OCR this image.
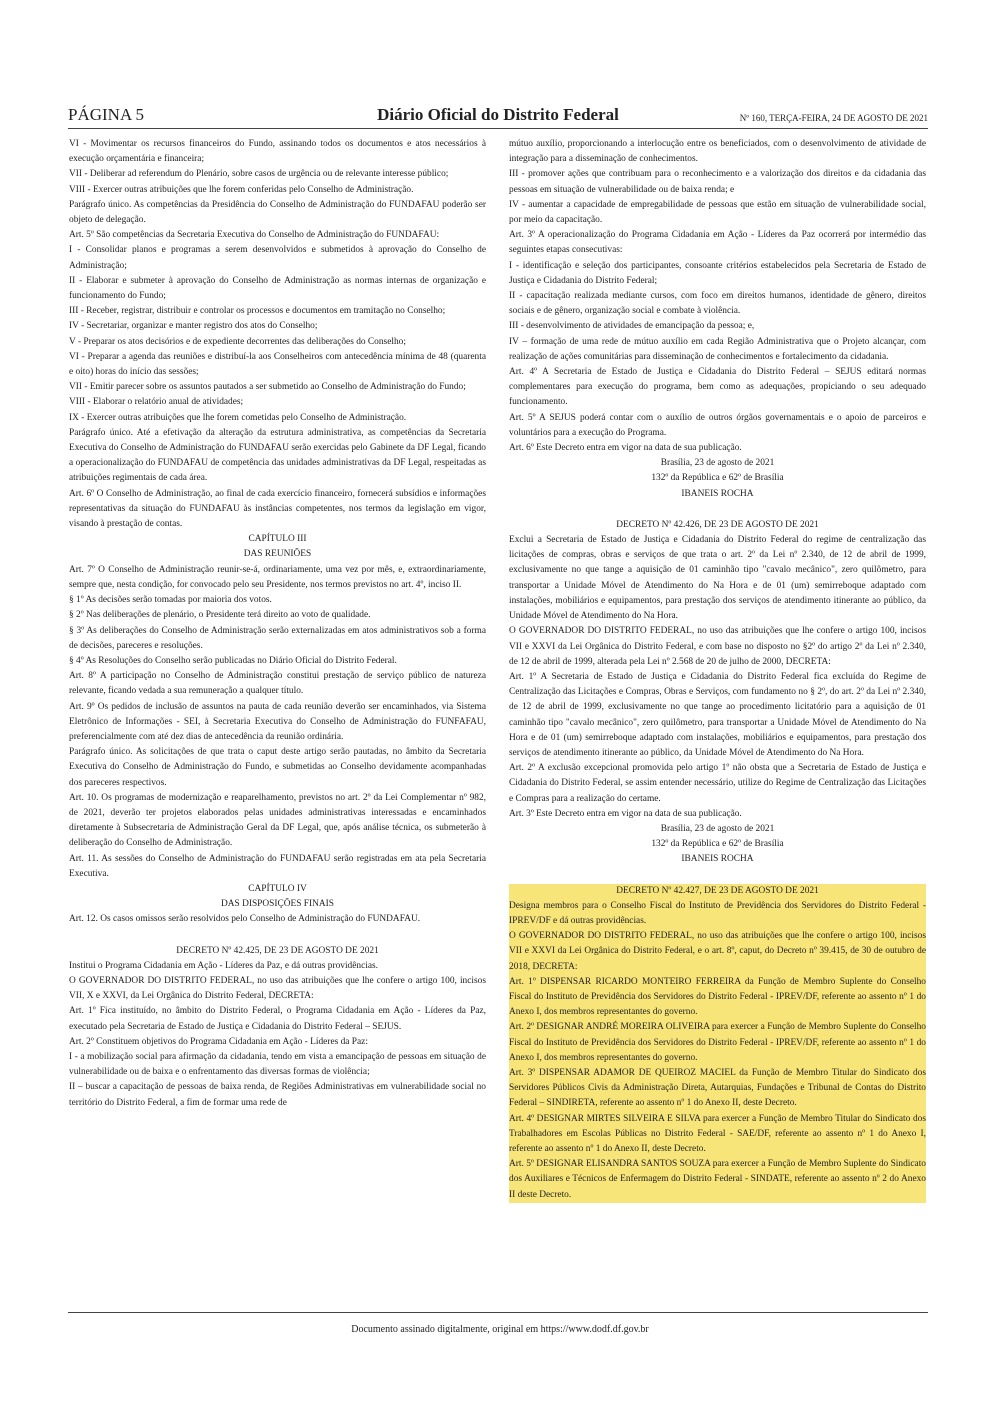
PÁGINA 5	Diário Oficial do Distrito Federal	Nº 160, TERÇA-FEIRA, 24 DE AGOSTO DE 2021

VI - Movimentar os recursos financeiros do Fundo, assinando todos os documentos e atos necessários à execução orçamentária e financeira;

VII - Deliberar ad referendum do Plenário, sobre casos de urgência ou de relevante interesse público;

VIII - Exercer outras atribuições que lhe forem conferidas pelo Conselho de Administração.

Parágrafo único. As competências da Presidência do Conselho de Administração do FUNDAFAU poderão ser objeto de delegação.

Art. 5º São competências da Secretaria Executiva do Conselho de Administração do FUNDAFAU:

I - Consolidar planos e programas a serem desenvolvidos e submetidos à aprovação do Conselho de Administração;

II - Elaborar e submeter à aprovação do Conselho de Administração as normas internas de organização e funcionamento do Fundo;

III - Receber, registrar, distribuir e controlar os processos e documentos em tramitação no Conselho;

IV - Secretariar, organizar e manter registro dos atos do Conselho;

V - Preparar os atos decisórios e de expediente decorrentes das deliberações do Conselho;

VI - Preparar a agenda das reuniões e distribuí-la aos Conselheiros com antecedência mínima de 48 (quarenta e oito) horas do início das sessões;

VII - Emitir parecer sobre os assuntos pautados a ser submetido ao Conselho de Administração do Fundo;

VIII - Elaborar o relatório anual de atividades;

IX - Exercer outras atribuições que lhe forem cometidas pelo Conselho de Administração.

Parágrafo único. Até a efetivação da alteração da estrutura administrativa, as competências da Secretaria Executiva do Conselho de Administração do FUNDAFAU serão exercidas pelo Gabinete da DF Legal, ficando a operacionalização do FUNDAFAU de competência das unidades administrativas da DF Legal, respeitadas as atribuições regimentais de cada área.

Art. 6º O Conselho de Administração, ao final de cada exercício financeiro, fornecerá subsídios e informações representativas da situação do FUNDAFAU às instâncias competentes, nos termos da legislação em vigor, visando à prestação de contas.

CAPÍTULO III

DAS REUNIÕES

Art. 7º O Conselho de Administração reunir-se-á, ordinariamente, uma vez por mês, e, extraordinariamente, sempre que, nesta condição, for convocado pelo seu Presidente, nos termos previstos no art. 4º, inciso II.

§ 1º As decisões serão tomadas por maioria dos votos.

§ 2º Nas deliberações de plenário, o Presidente terá direito ao voto de qualidade.

§ 3º As deliberações do Conselho de Administração serão externalizadas em atos administrativos sob a forma de decisões, pareceres e resoluções.

§ 4º As Resoluções do Conselho serão publicadas no Diário Oficial do Distrito Federal.

Art. 8º A participação no Conselho de Administração constitui prestação de serviço público de natureza relevante, ficando vedada a sua remuneração a qualquer título.

Art. 9º Os pedidos de inclusão de assuntos na pauta de cada reunião deverão ser encaminhados, via Sistema Eletrônico de Informações - SEI, à Secretaria Executiva do Conselho de Administração do FUNFAFAU, preferencialmente com até dez dias de antecedência da reunião ordinária.

Parágrafo único. As solicitações de que trata o caput deste artigo serão pautadas, no âmbito da Secretaria Executiva do Conselho de Administração do Fundo, e submetidas ao Conselho devidamente acompanhadas dos pareceres respectivos.

Art. 10. Os programas de modernização e reaparelhamento, previstos no art. 2º da Lei Complementar nº 982, de 2021, deverão ter projetos elaborados pelas unidades administrativas interessadas e encaminhados diretamente à Subsecretaria de Administração Geral da DF Legal, que, após análise técnica, os submeterão à deliberação do Conselho de Administração.

Art. 11. As sessões do Conselho de Administração do FUNDAFAU serão registradas em ata pela Secretaria Executiva.

CAPÍTULO IV

DAS DISPOSIÇÕES FINAIS

Art. 12. Os casos omissos serão resolvidos pelo Conselho de Administração do FUNDAFAU.

DECRETO Nº 42.425, DE 23 DE AGOSTO DE 2021

Institui o Programa Cidadania em Ação - Líderes da Paz, e dá outras providências.

O GOVERNADOR DO DISTRITO FEDERAL, no uso das atribuições que lhe confere o artigo 100, incisos VII, X e XXVI, da Lei Orgânica do Distrito Federal, DECRETA:

Art. 1º Fica instituído, no âmbito do Distrito Federal, o Programa Cidadania em Ação - Líderes da Paz, executado pela Secretaria de Estado de Justiça e Cidadania do Distrito Federal – SEJUS.

Art. 2º Constituem objetivos do Programa Cidadania em Ação - Líderes da Paz:

I - a mobilização social para afirmação da cidadania, tendo em vista a emancipação de pessoas em situação de vulnerabilidade ou de baixa e o enfrentamento das diversas formas de violência;

II – buscar a capacitação de pessoas de baixa renda, de Regiões Administrativas em vulnerabilidade social no território do Distrito Federal, a fim de formar uma rede de

mútuo auxílio, proporcionando a interlocução entre os beneficiados, com o desenvolvimento de atividade de integração para a disseminação de conhecimentos.

III - promover ações que contribuam para o reconhecimento e a valorização dos direitos e da cidadania das pessoas em situação de vulnerabilidade ou de baixa renda; e

IV - aumentar a capacidade de empregabilidade de pessoas que estão em situação de vulnerabilidade social, por meio da capacitação.

Art. 3º A operacionalização do Programa Cidadania em Ação - Líderes da Paz ocorrerá por intermédio das seguintes etapas consecutivas:

I - identificação e seleção dos participantes, consoante critérios estabelecidos pela Secretaria de Estado de Justiça e Cidadania do Distrito Federal;

II - capacitação realizada mediante cursos, com foco em direitos humanos, identidade de gênero, direitos sociais e de gênero, organização social e combate à violência.

III - desenvolvimento de atividades de emancipação da pessoa; e,

IV – formação de uma rede de mútuo auxílio em cada Região Administrativa que o Projeto alcançar, com realização de ações comunitárias para disseminação de conhecimentos e fortalecimento da cidadania.

Art. 4º A Secretaria de Estado de Justiça e Cidadania do Distrito Federal – SEJUS editará normas complementares para execução do programa, bem como as adequações, propiciando o seu adequado funcionamento.

Art. 5º A SEJUS poderá contar com o auxílio de outros órgãos governamentais e o apoio de parceiros e voluntários para a execução do Programa.

Art. 6º Este Decreto entra em vigor na data de sua publicação.

Brasília, 23 de agosto de 2021

132º da República e 62º de Brasília

IBANEIS ROCHA

DECRETO Nº 42.426, DE 23 DE AGOSTO DE 2021

Exclui a Secretaria de Estado de Justiça e Cidadania do Distrito Federal do regime de centralização das licitações de compras, obras e serviços de que trata o art. 2º da Lei nº 2.340, de 12 de abril de 1999, exclusivamente no que tange a aquisição de 01 caminhão tipo "cavalo mecânico", zero quilômetro, para transportar a Unidade Móvel de Atendimento do Na Hora e de 01 (um) semirreboque adaptado com instalações, mobiliários e equipamentos, para prestação dos serviços de atendimento itinerante ao público, da Unidade Móvel de Atendimento do Na Hora.

O GOVERNADOR DO DISTRITO FEDERAL, no uso das atribuições que lhe confere o artigo 100, incisos VII e XXVI da Lei Orgânica do Distrito Federal, e com base no disposto no §2º do artigo 2º da Lei nº 2.340, de 12 de abril de 1999, alterada pela Lei nº 2.568 de 20 de julho de 2000, DECRETA:

Art. 1º A Secretaria de Estado de Justiça e Cidadania do Distrito Federal fica excluída do Regime de Centralização das Licitações e Compras, Obras e Serviços, com fundamento no § 2º, do art. 2º da Lei nº 2.340, de 12 de abril de 1999, exclusivamente no que tange ao procedimento licitatório para a aquisição de 01 caminhão tipo "cavalo mecânico", zero quilômetro, para transportar a Unidade Móvel de Atendimento do Na Hora e de 01 (um) semirreboque adaptado com instalações, mobiliários e equipamentos, para prestação dos serviços de atendimento itinerante ao público, da Unidade Móvel de Atendimento do Na Hora.

Art. 2º A exclusão excepcional promovida pelo artigo 1º não obsta que a Secretaria de Estado de Justiça e Cidadania do Distrito Federal, se assim entender necessário, utilize do Regime de Centralização das Licitações e Compras para a realização do certame.

Art. 3º Este Decreto entra em vigor na data de sua publicação.

Brasília, 23 de agosto de 2021

132º da República e 62º de Brasília

IBANEIS ROCHA

DECRETO Nº 42.427, DE 23 DE AGOSTO DE 2021

Designa membros para o Conselho Fiscal do Instituto de Previdência dos Servidores do Distrito Federal - IPREV/DF e dá outras providências.

O GOVERNADOR DO DISTRITO FEDERAL, no uso das atribuições que lhe confere o artigo 100, incisos VII e XXVI da Lei Orgânica do Distrito Federal, e o art. 8º, caput, do Decreto nº 39.415, de 30 de outubro de 2018, DECRETA:

Art. 1º DISPENSAR RICARDO MONTEIRO FERREIRA da Função de Membro Suplente do Conselho Fiscal do Instituto de Previdência dos Servidores do Distrito Federal - IPREV/DF, referente ao assento nº 1 do Anexo I, dos membros representantes do governo.

Art. 2º DESIGNAR ANDRÉ MOREIRA OLIVEIRA para exercer a Função de Membro Suplente do Conselho Fiscal do Instituto de Previdência dos Servidores do Distrito Federal - IPREV/DF, referente ao assento nº 1 do Anexo I, dos membros representantes do governo.

Art. 3º DISPENSAR ADAMOR DE QUEIROZ MACIEL da Função de Membro Titular do Sindicato dos Servidores Públicos Civis da Administração Direta, Autarquias, Fundações e Tribunal de Contas do Distrito Federal – SINDIRETA, referente ao assento nº 1 do Anexo II, deste Decreto.

Art. 4º DESIGNAR MIRTES SILVEIRA E SILVA para exercer a Função de Membro Titular do Sindicato dos Trabalhadores em Escolas Públicas no Distrito Federal - SAE/DF, referente ao assento nº 1 do Anexo I, referente ao assento nº 1 do Anexo II, deste Decreto.

Art. 5º DESIGNAR ELISANDRA SANTOS SOUZA para exercer a Função de Membro Suplente do Sindicato dos Auxiliares e Técnicos de Enfermagem do Distrito Federal - SINDATE, referente ao assento nº 2 do Anexo II deste Decreto.

Documento assinado digitalmente, original em https://www.dodf.df.gov.br
